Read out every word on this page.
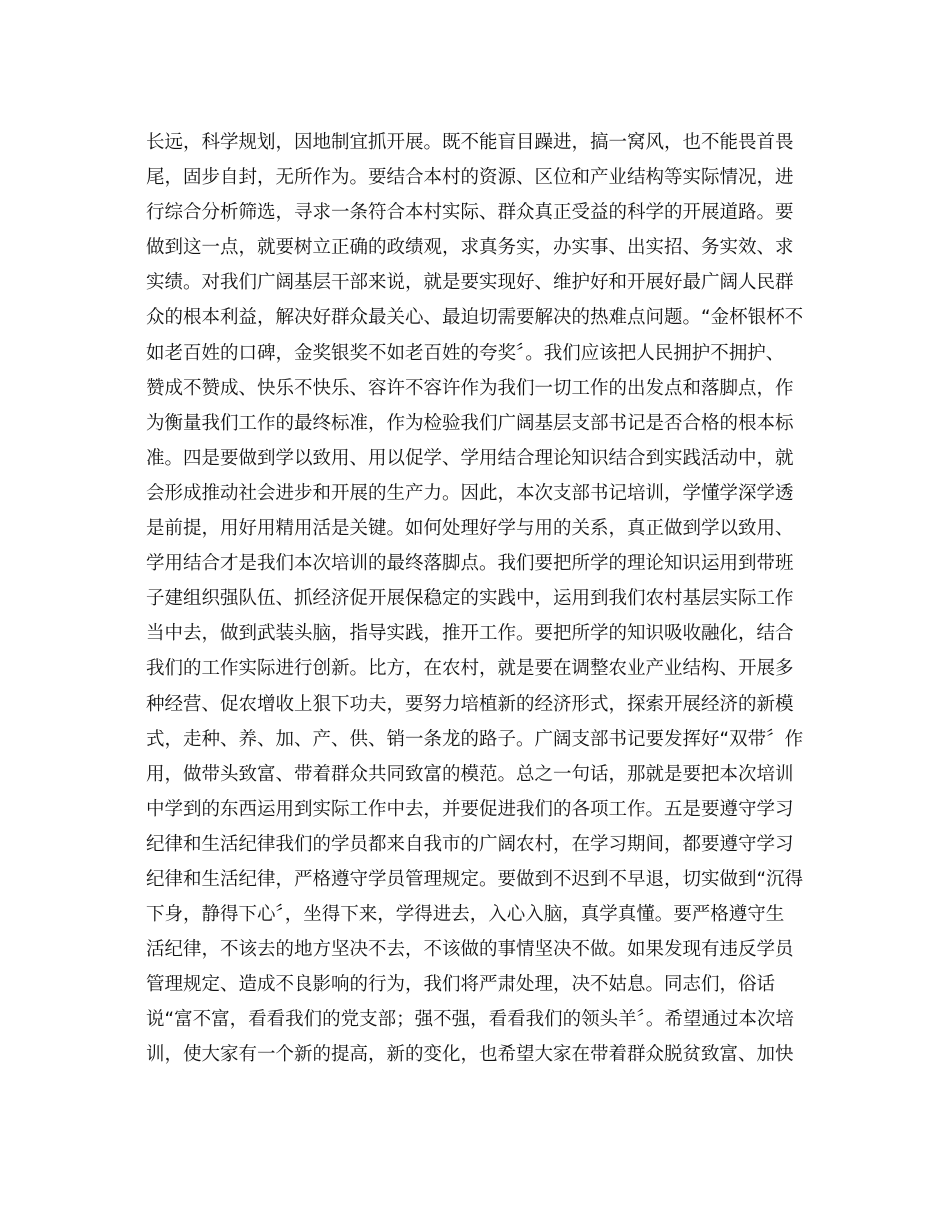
长远，科学规划，因地制宜抓开展。既不能盲目躁进，搞一窝风，也不能畏首畏
尾，固步自封，无所作为。要结合本村的资源、区位和产业结构等实际情况，进
行综合分析筛选，寻求一条符合本村实际、群众真正受益的科学的开展道路。要
做到这一点，就要树立正确的政绩观，求真务实，办实事、出实招、务实效、求
实绩。对我们广阔基层干部来说，就是要实现好、维护好和开展好最广阔人民群
众的根本利益，解决好群众最关心、最迫切需要解决的热难点问题。“金杯银杯不
如老百姓的口碑，金奖银奖不如老百姓的夸奖〞。我们应该把人民拥护不拥护、
赞成不赞成、快乐不快乐、容许不容许作为我们一切工作的出发点和落脚点，作
为衡量我们工作的最终标准，作为检验我们广阔基层支部书记是否合格的根本标
准。四是要做到学以致用、用以促学、学用结合理论知识结合到实践活动中，就
会形成推动社会进步和开展的生产力。因此，本次支部书记培训，学懂学深学透
是前提，用好用精用活是关键。如何处理好学与用的关系，真正做到学以致用、
学用结合才是我们本次培训的最终落脚点。我们要把所学的理论知识运用到带班
子建组织强队伍、抓经济促开展保稳定的实践中，运用到我们农村基层实际工作
当中去，做到武装头脑，指导实践，推开工作。要把所学的知识吸收融化，结合
我们的工作实际进行创新。比方，在农村，就是要在调整农业产业结构、开展多
种经营、促农增收上狠下功夫，要努力培植新的经济形式，探索开展经济的新模
式，走种、养、加、产、供、销一条龙的路子。广阔支部书记要发挥好“双带〞作
用，做带头致富、带着群众共同致富的模范。总之一句话，那就是要把本次培训
中学到的东西运用到实际工作中去，并要促进我们的各项工作。五是要遵守学习
纪律和生活纪律我们的学员都来自我市的广阔农村，在学习期间，都要遵守学习
纪律和生活纪律，严格遵守学员管理规定。要做到不迟到不早退，切实做到“沉得
下身，静得下心〞，坐得下来，学得进去，入心入脑，真学真懂。要严格遵守生
活纪律，不该去的地方坚决不去，不该做的事情坚决不做。如果发现有违反学员
管理规定、造成不良影响的行为，我们将严肃处理，决不姑息。同志们，俗话
说“富不富，看看我们的党支部；强不强，看看我们的领头羊〞。希望通过本次培
训，使大家有一个新的提高，新的变化，也希望大家在带着群众脱贫致富、加快
